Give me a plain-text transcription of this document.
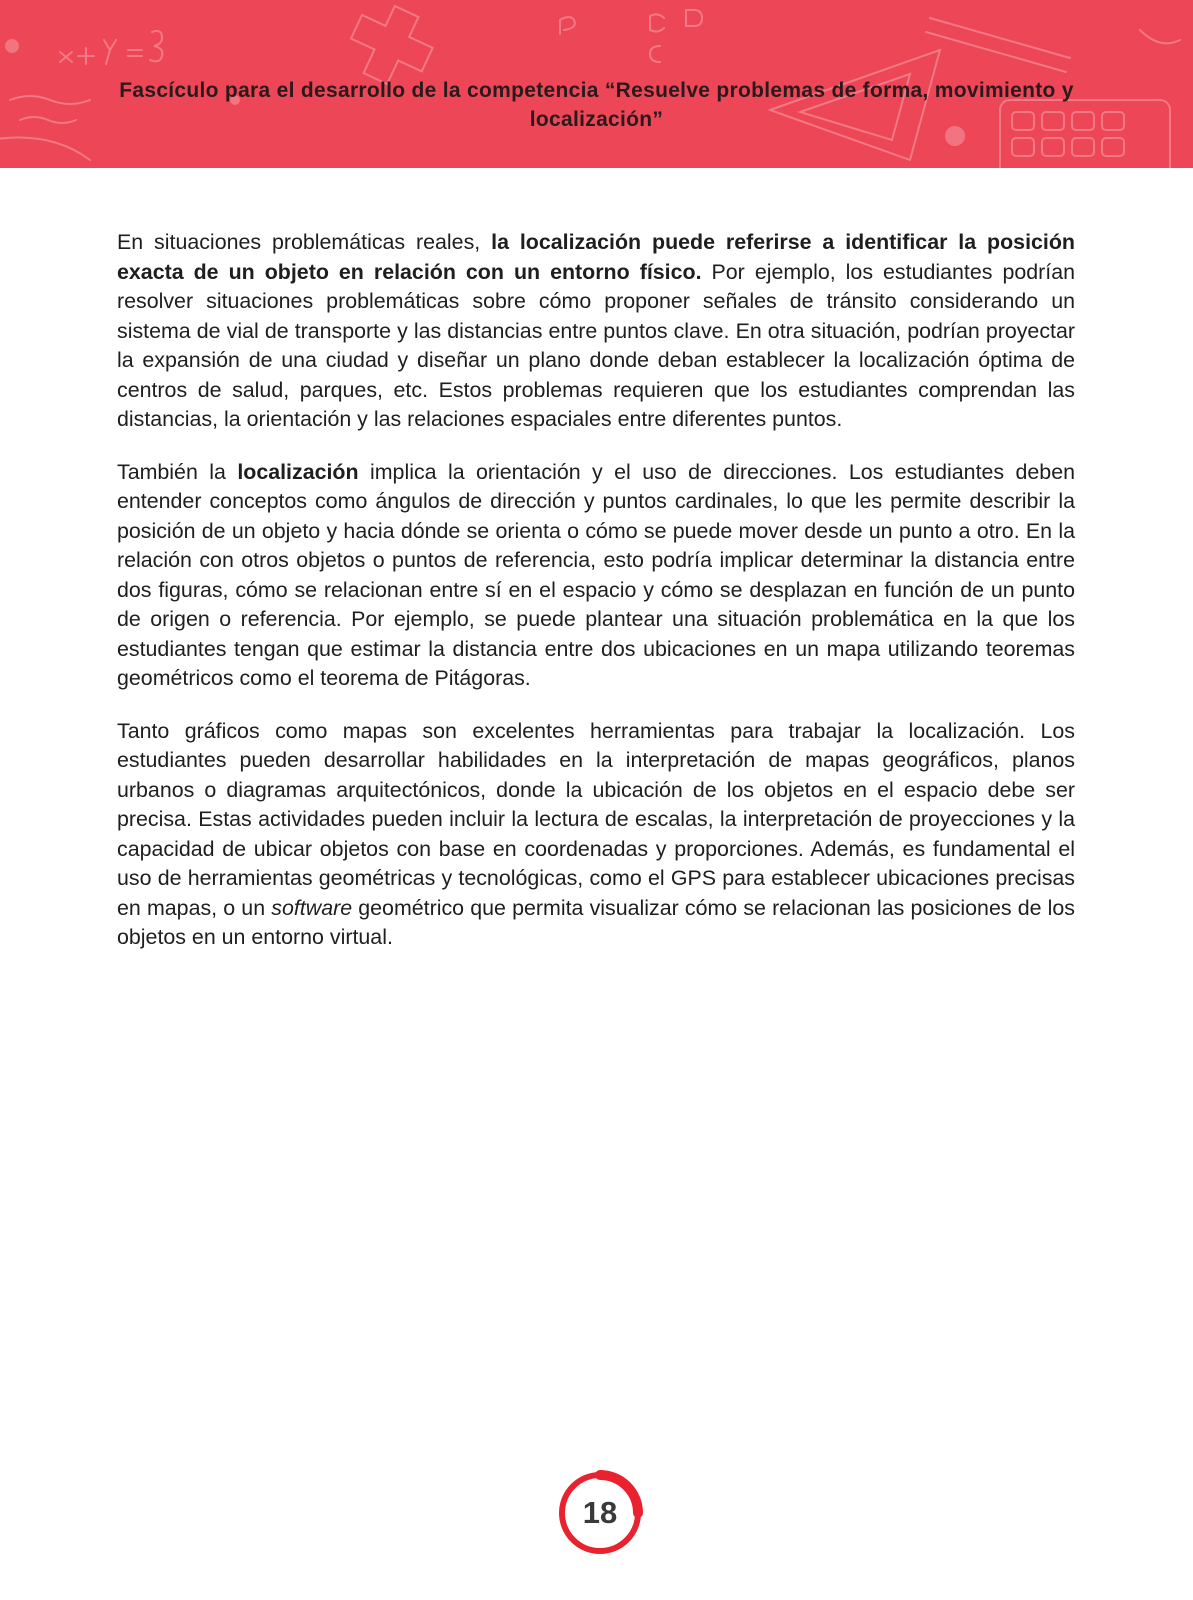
Fascículo para el desarrollo de la competencia “Resuelve problemas de forma, movimiento y localización”

En situaciones problemáticas reales, la localización puede referirse a identificar la posición exacta de un objeto en relación con un entorno físico. Por ejemplo, los estudiantes podrían resolver situaciones problemáticas sobre cómo proponer señales de tránsito considerando un sistema de vial de transporte y las distancias entre puntos clave. En otra situación, podrían proyectar la expansión de una ciudad y diseñar un plano donde deban establecer la localización óptima de centros de salud, parques, etc. Estos problemas requieren que los estudiantes comprendan las distancias, la orientación y las relaciones espaciales entre diferentes puntos.

También la localización implica la orientación y el uso de direcciones. Los estudiantes deben entender conceptos como ángulos de dirección y puntos cardinales, lo que les permite describir la posición de un objeto y hacia dónde se orienta o cómo se puede mover desde un punto a otro. En la relación con otros objetos o puntos de referencia, esto podría implicar determinar la distancia entre dos figuras, cómo se relacionan entre sí en el espacio y cómo se desplazan en función de un punto de origen o referencia. Por ejemplo, se puede plantear una situación problemática en la que los estudiantes tengan que estimar la distancia entre dos ubicaciones en un mapa utilizando teoremas geométricos como el teorema de Pitágoras.

Tanto gráficos como mapas son excelentes herramientas para trabajar la localización. Los estudiantes pueden desarrollar habilidades en la interpretación de mapas geográficos, planos urbanos o diagramas arquitectónicos, donde la ubicación de los objetos en el espacio debe ser precisa. Estas actividades pueden incluir la lectura de escalas, la interpretación de proyecciones y la capacidad de ubicar objetos con base en coordenadas y proporciones. Además, es fundamental el uso de herramientas geométricas y tecnológicas, como el GPS para establecer ubicaciones precisas en mapas, o un software geométrico que permita visualizar cómo se relacionan las posiciones de los objetos en un entorno virtual.

18
